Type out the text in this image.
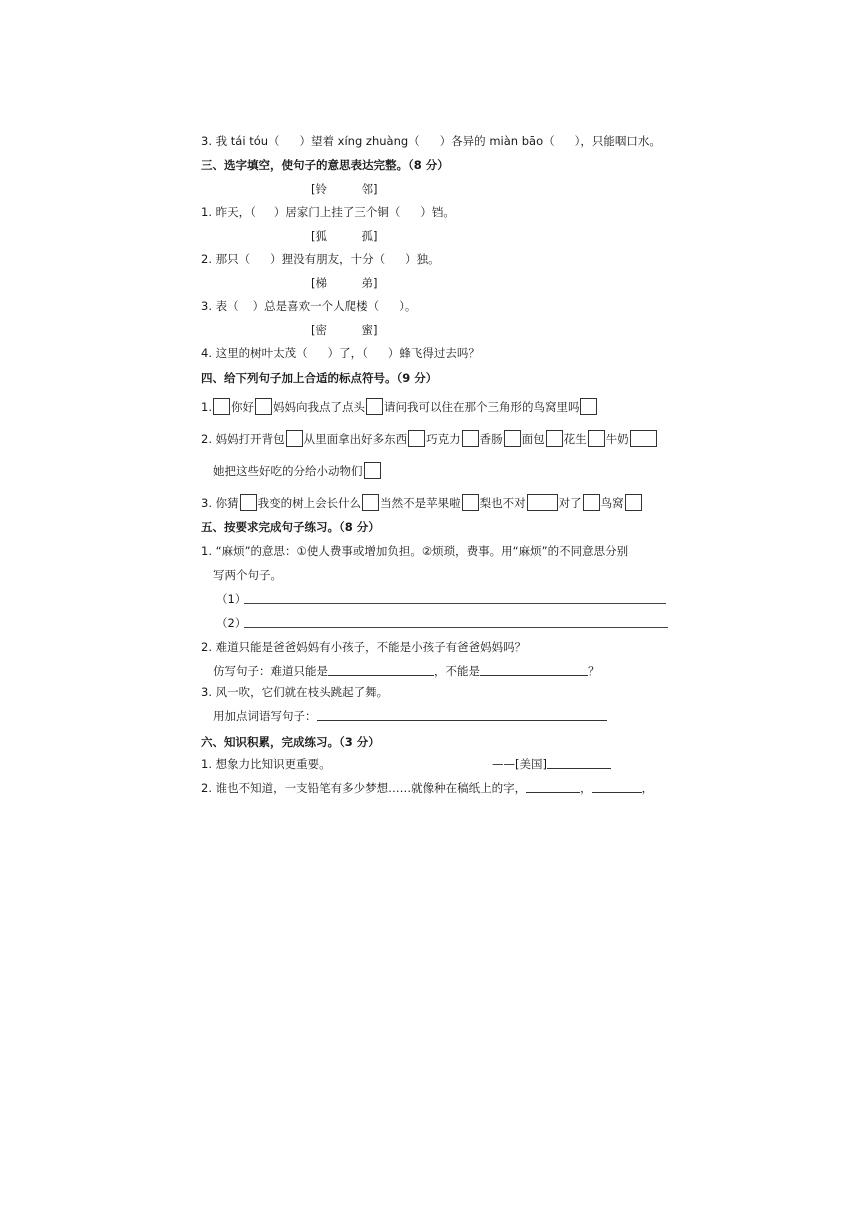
3. 我 tái tóu（ ）望着 xíng zhuàng（ ）各异的 miàn bāo（ ），只能咽口水。
三、选字填空，使句子的意思表达完整。（8 分）
[铃　　　邻]
1. 昨天，（ ）居家门上挂了三个铜（ ）铛。
[狐　　　孤]
2. 那只（ ）狸没有朋友，十分（ ）独。
[梯　　　弟]
3. 表（ ）总是喜欢一个人爬楼（ ）。
[密　　　蜜]
4. 这里的树叶太茂（ ）了，（ ）蜂飞得过去吗？
四、给下列句子加上合适的标点符号。（9 分）
1. 你好 妈妈向我点了点头 请问我可以住在那个三角形的鸟窝里吗
2. 妈妈打开背包 从里面拿出好多东西 巧克力 香肠 面包 花生 牛奶
她把这些好吃的分给小动物们
3. 你猜 我变的树上会长什么 当然不是苹果啦 梨也不对	对了 鸟窝
五、按要求完成句子练习。（8 分）
1. “麻烦”的意思：①使人费事或增加负担。②烦琐，费事。用“麻烦”的不同意思分别
写两个句子。
（1）
（2）
2. 难道只能是爸爸妈妈有小孩子，不能是小孩子有爸爸妈妈吗？
仿写句子：难道只能是	，不能是	？
3. 风一吹，它们就在枝头跳起了舞。
用加点词语写句子：
六、知识积累，完成练习。（3 分）
1. 想象力比知识更重要。	——[美国]
2. 谁也不知道，一支铅笔有多少梦想……就像种在稿纸上的字，	，	，
